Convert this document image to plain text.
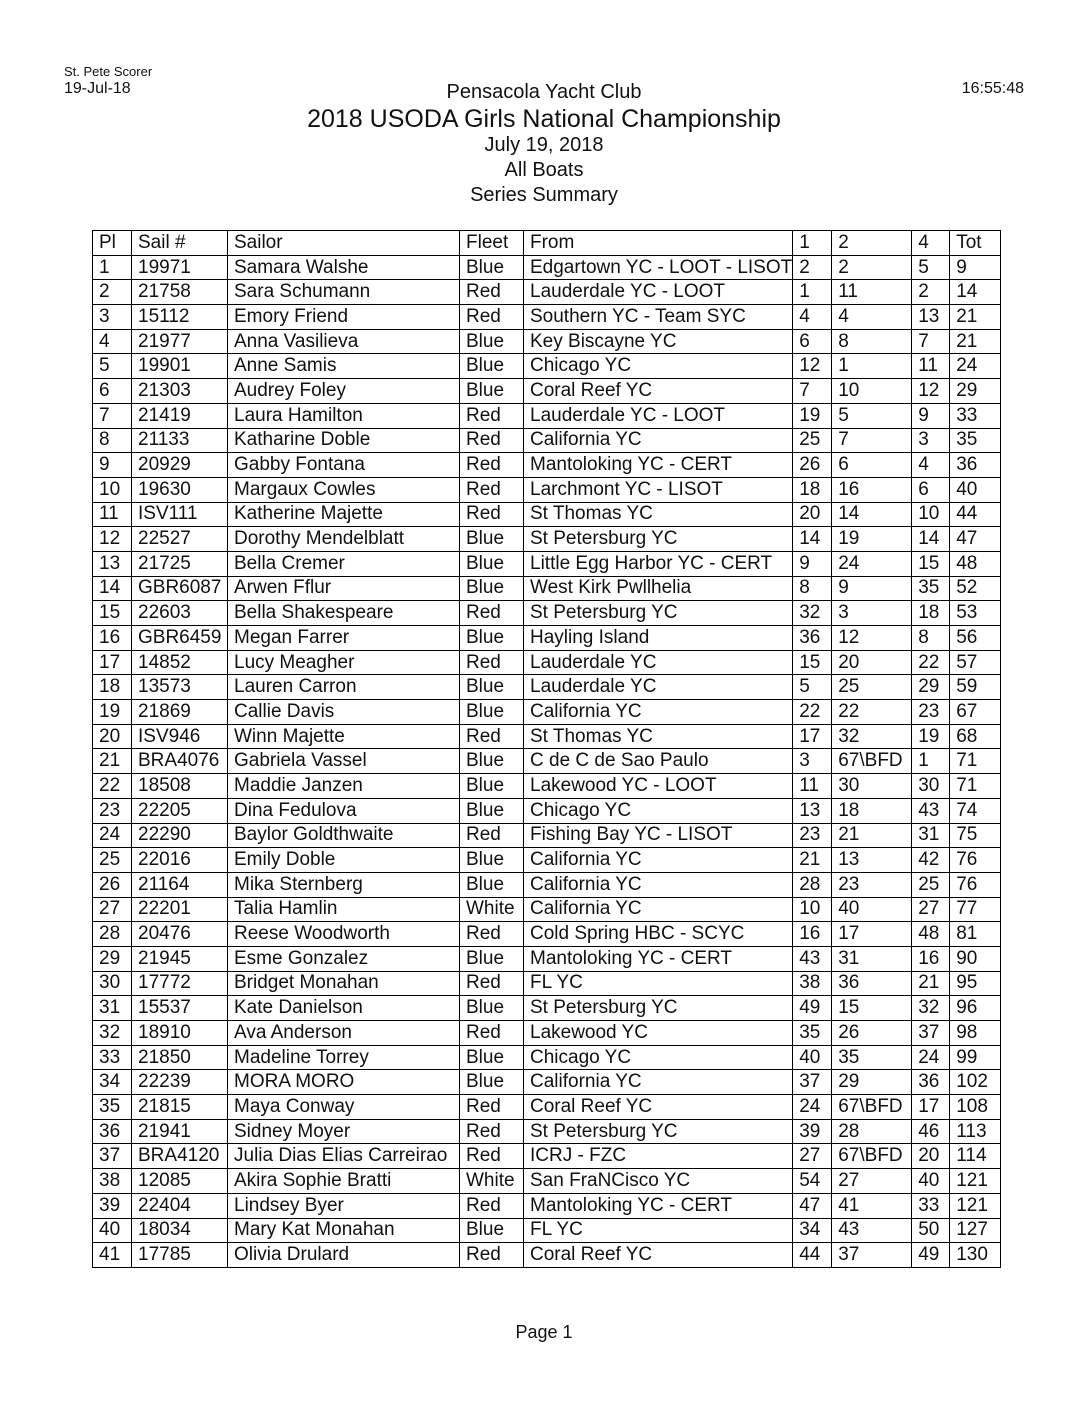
St. Pete Scorer
19-Jul-18	16:55:48
Pensacola Yacht Club
2018 USODA Girls National Championship
July 19, 2018
All Boats
Series Summary
Pl	Sail #	Sailor	Fleet	From	1	2	4	Tot
1	19971	Samara Walshe	Blue	Edgartown YC - LOOT - LISOT	2	2	5	9
2	21758	Sara Schumann	Red	Lauderdale YC - LOOT	1	11	2	14
3	15112	Emory Friend	Red	Southern YC - Team SYC	4	4	13	21
4	21977	Anna Vasilieva	Blue	Key Biscayne YC	6	8	7	21
5	19901	Anne Samis	Blue	Chicago YC	12	1	11	24
6	21303	Audrey Foley	Blue	Coral Reef YC	7	10	12	29
7	21419	Laura Hamilton	Red	Lauderdale YC - LOOT	19	5	9	33
8	21133	Katharine Doble	Red	California YC	25	7	3	35
9	20929	Gabby Fontana	Red	Mantoloking YC - CERT	26	6	4	36
10	19630	Margaux Cowles	Red	Larchmont YC - LISOT	18	16	6	40
11	ISV111	Katherine Majette	Red	St Thomas YC	20	14	10	44
12	22527	Dorothy Mendelblatt	Blue	St Petersburg YC	14	19	14	47
13	21725	Bella Cremer	Blue	Little Egg Harbor YC - CERT	9	24	15	48
14	GBR6087	Arwen Fflur	Blue	West Kirk Pwllhelia	8	9	35	52
15	22603	Bella Shakespeare	Red	St Petersburg YC	32	3	18	53
16	GBR6459	Megan Farrer	Blue	Hayling Island	36	12	8	56
17	14852	Lucy Meagher	Red	Lauderdale YC	15	20	22	57
18	13573	Lauren Carron	Blue	Lauderdale YC	5	25	29	59
19	21869	Callie Davis	Blue	California YC	22	22	23	67
20	ISV946	Winn Majette	Red	St Thomas YC	17	32	19	68
21	BRA4076	Gabriela Vassel	Blue	C de C de Sao Paulo	3	67\BFD	1	71
22	18508	Maddie Janzen	Blue	Lakewood YC - LOOT	11	30	30	71
23	22205	Dina Fedulova	Blue	Chicago YC	13	18	43	74
24	22290	Baylor Goldthwaite	Red	Fishing Bay YC - LISOT	23	21	31	75
25	22016	Emily Doble	Blue	California YC	21	13	42	76
26	21164	Mika Sternberg	Blue	California YC	28	23	25	76
27	22201	Talia Hamlin	White	California YC	10	40	27	77
28	20476	Reese Woodworth	Red	Cold Spring HBC - SCYC	16	17	48	81
29	21945	Esme Gonzalez	Blue	Mantoloking YC - CERT	43	31	16	90
30	17772	Bridget Monahan	Red	FL YC	38	36	21	95
31	15537	Kate Danielson	Blue	St Petersburg YC	49	15	32	96
32	18910	Ava Anderson	Red	Lakewood YC	35	26	37	98
33	21850	Madeline Torrey	Blue	Chicago YC	40	35	24	99
34	22239	MORA MORO	Blue	California YC	37	29	36	102
35	21815	Maya Conway	Red	Coral Reef YC	24	67\BFD	17	108
36	21941	Sidney Moyer	Red	St Petersburg YC	39	28	46	113
37	BRA4120	Julia Dias Elias Carreirao	Red	ICRJ - FZC	27	67\BFD	20	114
38	12085	Akira Sophie Bratti	White	San FraNCisco YC	54	27	40	121
39	22404	Lindsey Byer	Red	Mantoloking YC - CERT	47	41	33	121
40	18034	Mary Kat Monahan	Blue	FL YC	34	43	50	127
41	17785	Olivia Drulard	Red	Coral Reef YC	44	37	49	130
Page 1
